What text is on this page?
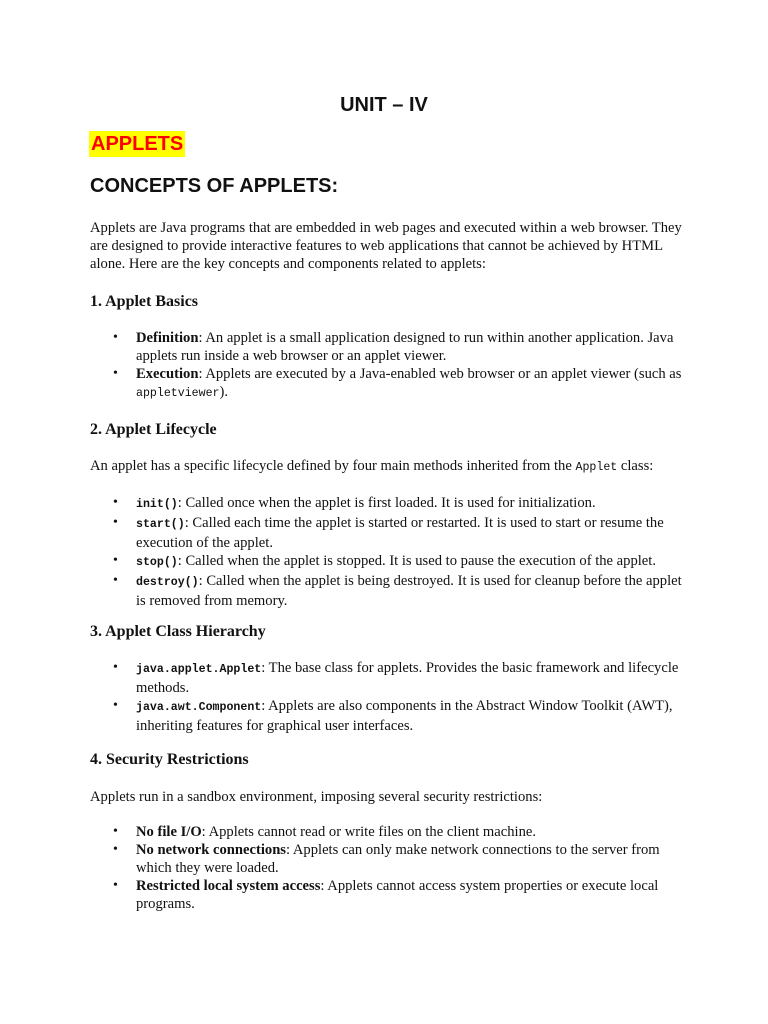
UNIT – IV
APPLETS
CONCEPTS OF APPLETS:

Applets are Java programs that are embedded in web pages and executed within a web browser. They are designed to provide interactive features to web applications that cannot be achieved by HTML alone. Here are the key concepts and components related to applets:

1. Applet Basics
• Definition: An applet is a small application designed to run within another application. Java applets run inside a web browser or an applet viewer.
• Execution: Applets are executed by a Java-enabled web browser or an applet viewer (such as appletviewer).
2. Applet Lifecycle

An applet has a specific lifecycle defined by four main methods inherited from the Applet class:

• init(): Called once when the applet is first loaded. It is used for initialization.
• start(): Called each time the applet is started or restarted. It is used to start or resume the execution of the applet.
• stop(): Called when the applet is stopped. It is used to pause the execution of the applet.
• destroy(): Called when the applet is being destroyed. It is used for cleanup before the applet is removed from memory.
3. Applet Class Hierarchy
• java.applet.Applet: The base class for applets. Provides the basic framework and lifecycle methods.
• java.awt.Component: Applets are also components in the Abstract Window Toolkit (AWT), inheriting features for graphical user interfaces.
4. Security Restrictions

Applets run in a sandbox environment, imposing several security restrictions:

• No file I/O: Applets cannot read or write files on the client machine.
• No network connections: Applets can only make network connections to the server from which they were loaded.
• Restricted local system access: Applets cannot access system properties or execute local programs.
